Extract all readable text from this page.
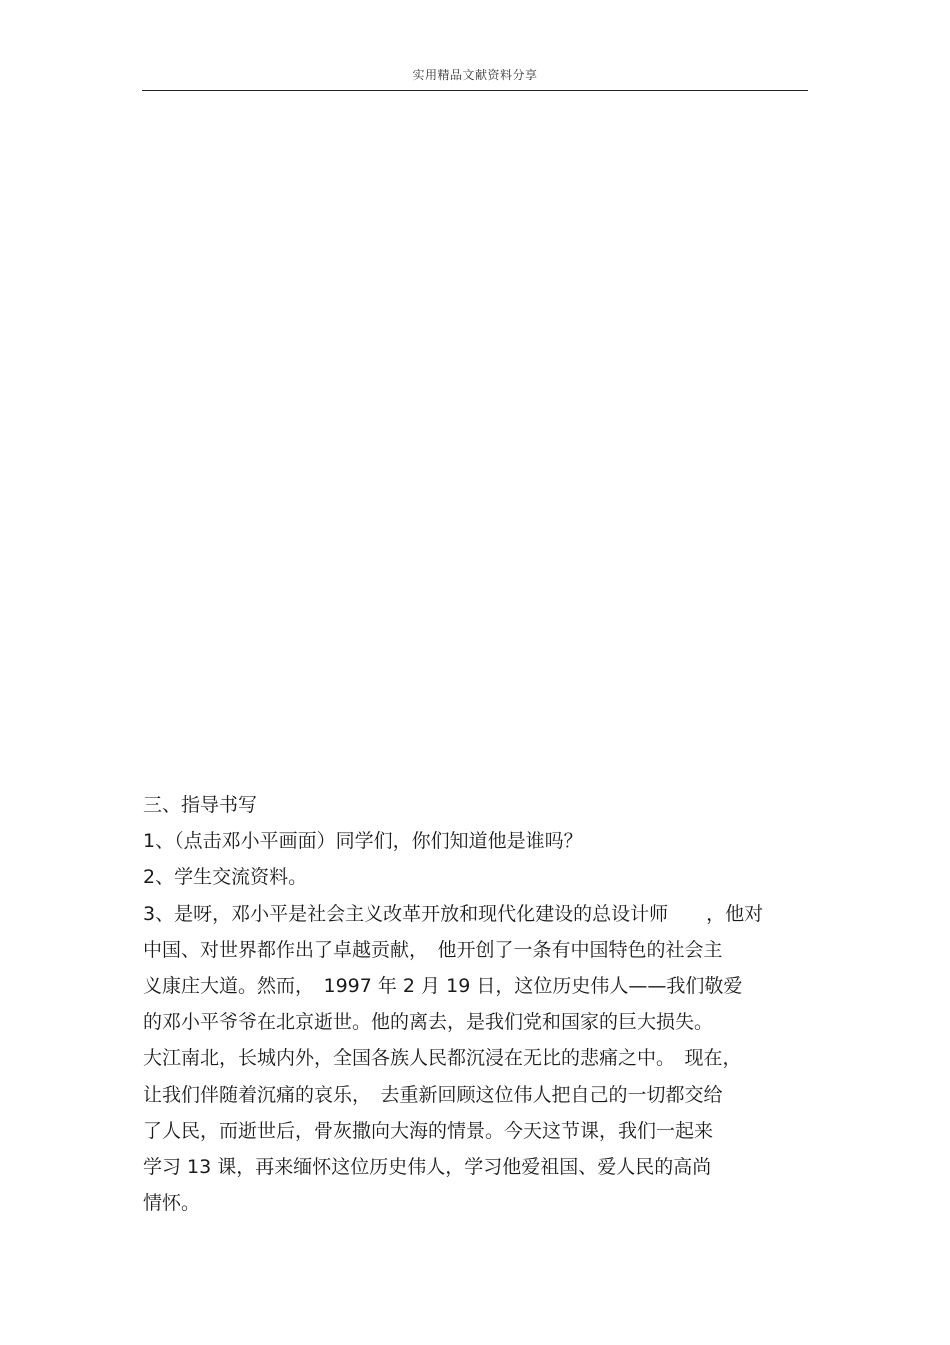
实用精品文献资料分享
三、指导书写
1、（点击邓小平画面）同学们，你们知道他是谁吗？
2、学生交流资料。
3、是呀，邓小平是社会主义改革开放和现代化建设的总设计师　　，他对
中国、对世界都作出了卓越贡献，　他开创了一条有中国特色的社会主
义康庄大道。然而，　1997 年 2 月 19 日，这位历史伟人——我们敬爱
的邓小平爷爷在北京逝世。他的离去，是我们党和国家的巨大损失。
大江南北，长城内外，全国各族人民都沉浸在无比的悲痛之中。　现在，
让我们伴随着沉痛的哀乐，　去重新回顾这位伟人把自己的一切都交给
了人民，而逝世后，骨灰撒向大海的情景。今天这节课，我们一起来
学习 13 课，再来缅怀这位历史伟人，学习他爱祖国、爱人民的高尚
情怀。
